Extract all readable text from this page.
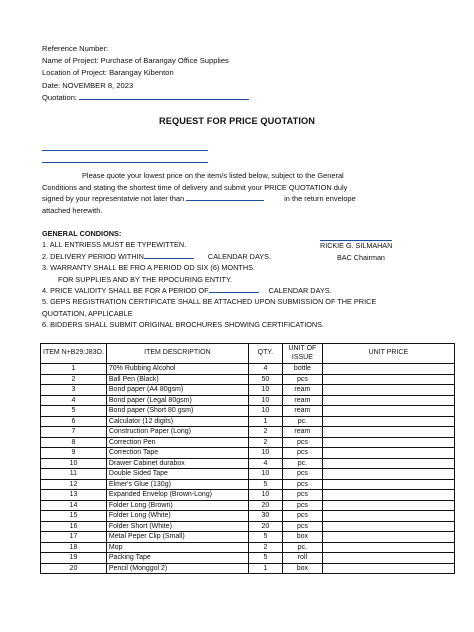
Reference Number:
Name of Project: Purchase of Barangay Office Supplies
Location of Project: Barangay Kibenton
Date: NOVEMBER 8, 2023
Quotation:
REQUEST FOR PRICE QUOTATION
Please quote your lowest price on the item/s listed below, subject to the General
Conditions and stating the shortest time of delivery and submit your PRICE QUOTATION duly
signed by your representatvie not later than	in the return envelope
attached herewith.
GENERAL CONDIONS:
1. ALL ENTRIESS MUST BE TYPEWITTEN.
2. DELIVERY PERIOD WITHIN	CALENDAR DAYS.
3. WARRANTY SHALL BE FRO A PERIOD OD SIX (6) MONTHS.
FOR SUPPLIES AND BY THE RPOCURING ENTITY.
4. PRICE VALIDITY SHALL BE FOR A PERIOD OF	CALENDAR DAYS.
5. GEPS REGISTRATION CERTIFICATE SHALL BE ATTACHED UPON SUBMISSION OF THE PRICE
QUOTATION, APPLICABLE
6. BIDDERS SHALL SUBMIT ORIGINAL BROCHURES SHOWING CERTIFICATIONS.
RICKIE G. SILMAHAN
BAC Chairman
ITEM N+B29:J83O.	ITEM DESCRIPTION	QTY.	UNIT OF
ISSUE	UNIT PRICE
1	70% Rubbing Alcohol	4	bottle	
2	Ball Pen (Black)	50	pcs	
3	Bond paper (A4 80gsm)	10	ream	
4	Bond paper (Legal 80gsm)	10	ream	
5	Bond paper (Short 80 gsm)	10	ream	
6	Calculator (12 digits)	1	pc.	
7	Construction Paper (Long)	2	ream	
8	Correction Pen	2	pcs	
9	Correction Tape	10	pcs	
10	Drawer Cabinet durabox	4	pc.	
11	Double Sided Tape	10	pcs	
12	Elmer's Glue (130g)	5	pcs	
13	Expanded Envelop (Brown-Long)	10	pcs	
14	Folder Long (Brown)	20	pcs	
15	Folder Long (White)	30	pcs	
16	Folder Short (White)	20	pcs	
17	Metal Peper Clip (Small)	5	box	
18	Mop	2	pc.	
19	Packing Tape	5	roll	
20	Pencil (Monggol 2)	1	box	
